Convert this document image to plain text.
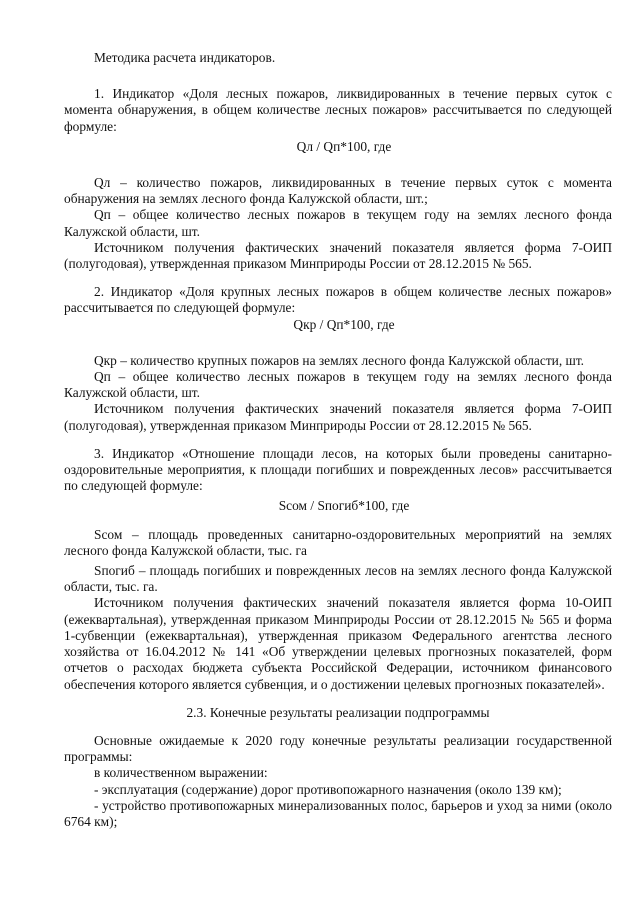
Методика расчета индикаторов.

1. Индикатор «Доля лесных пожаров, ликвидированных в течение первых суток с момента обнаружения, в общем количестве лесных пожаров» рассчитывается по следующей формуле:

Qл / Qп*100, где

Qл – количество пожаров, ликвидированных в течение первых суток с момента обнаружения на землях лесного фонда Калужской области, шт.;

Qп – общее количество лесных пожаров в текущем году на землях лесного фонда Калужской области, шт.

Источником получения фактических значений показателя является форма 7-ОИП (полугодовая), утвержденная приказом Минприроды России от 28.12.2015 № 565.

2. Индикатор «Доля крупных лесных пожаров в общем количестве лесных пожаров» рассчитывается по следующей формуле:

Qкр / Qп*100, где

Qкр – количество крупных пожаров на землях лесного фонда Калужской области, шт.

Qп – общее количество лесных пожаров в текущем году на землях лесного фонда Калужской области, шт.

Источником получения фактических значений показателя является форма 7-ОИП (полугодовая), утвержденная приказом Минприроды России от 28.12.2015 № 565.

3. Индикатор «Отношение площади лесов, на которых были проведены санитарно-оздоровительные мероприятия, к площади погибших и поврежденных лесов» рассчитывается по следующей формуле:

Sсом / Sпогиб*100, где

Sсом – площадь проведенных санитарно-оздоровительных мероприятий на землях лесного фонда Калужской области, тыс. га

Sпогиб – площадь погибших и поврежденных лесов на землях лесного фонда Калужской области, тыс. га.

Источником получения фактических значений показателя является форма 10-ОИП (ежеквартальная), утвержденная приказом Минприроды России от 28.12.2015 № 565 и форма 1-субвенции (ежеквартальная), утвержденная приказом Федерального агентства лесного хозяйства от 16.04.2012 № 141 «Об утверждении целевых прогнозных показателей, форм отчетов о расходах бюджета субъекта Российской Федерации, источником финансового обеспечения которого является субвенция, и о достижении целевых прогнозных показателей».

2.3. Конечные результаты реализации подпрограммы

Основные ожидаемые к 2020 году конечные результаты реализации государственной программы:

в количественном выражении:

- эксплуатация (содержание) дорог противопожарного назначения (около 139 км);

- устройство противопожарных минерализованных полос, барьеров и уход за ними (около 6764 км);
